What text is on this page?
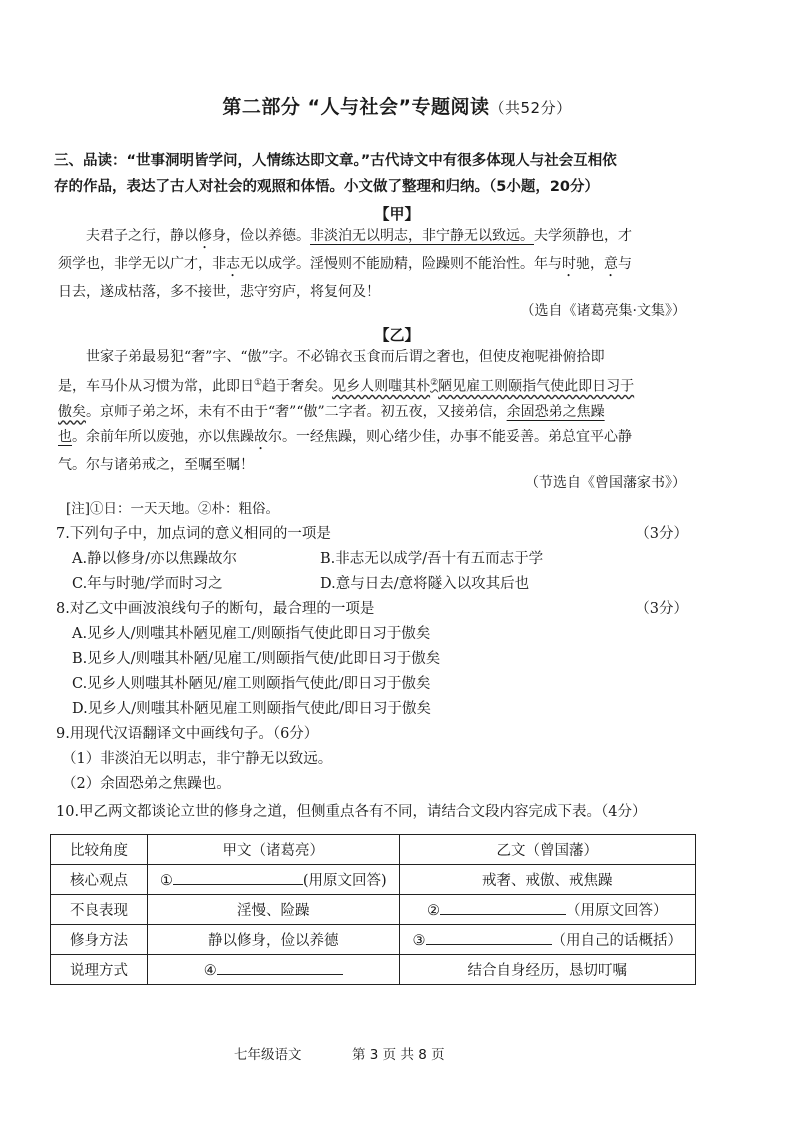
第二部分 “人与社会”专题阅读（共52分）
三、品读：“世事洞明皆学问，人情练达即文章。”古代诗文中有很多体现人与社会互相依
存的作品，表达了古人对社会的观照和体悟。小文做了整理和归纳。（5小题，20分）
【甲】
夫君子之行，静以修身，俭以养德。非淡泊无以明志，非宁静无以致远。夫学须静也，才
须学也，非学无以广才，非志无以成学。淫慢则不能励精，险躁则不能治性。年与时驰，意与
日去，遂成枯落，多不接世，悲守穷庐，将复何及！
（选自《诸葛亮集·文集》）
【乙】
世家子弟最易犯“奢”字、“傲”字。不必锦衣玉食而后谓之奢也，但使皮袍呢褂俯拾即
是，车马仆从习惯为常，此即日①趋于奢矣。见乡人则嗤其朴②陋见雇工则颐指气使此即日习于
傲矣。京师子弟之坏，未有不由于“奢”“傲”二字者。初五夜，又接弟信，余固恐弟之焦躁
也。余前年所以废弛，亦以焦躁故尔。一经焦躁，则心绪少佳，办事不能妥善。弟总宜平心静
气。尔与诸弟戒之，至嘱至嘱！
（节选自《曾国藩家书》）
[注]①日：一天天地。②朴：粗俗。
7.下列句子中，加点词的意义相同的一项是	（3分）
A.静以修身/亦以焦躁故尔	B.非志无以成学/吾十有五而志于学
C.年与时驰/学而时习之	D.意与日去/意将隧入以攻其后也
8.对乙文中画波浪线句子的断句，最合理的一项是	（3分）
A.见乡人/则嗤其朴陋见雇工/则颐指气使此即日习于傲矣
B.见乡人/则嗤其朴陋/见雇工/则颐指气使/此即日习于傲矣
C.见乡人则嗤其朴陋见/雇工则颐指气使此/即日习于傲矣
D.见乡人/则嗤其朴陋见雇工则颐指气使此/即日习于傲矣
9.用现代汉语翻译文中画线句子。（6分）
（1）非淡泊无以明志，非宁静无以致远。
（2）余固恐弟之焦躁也。
10.甲乙两文都谈论立世的修身之道，但侧重点各有不同，请结合文段内容完成下表。（4分）
比较角度	甲文（诸葛亮）	乙文（曾国藩）
核心观点	① (用原文回答)	戒奢、戒傲、戒焦躁
不良表现	淫慢、险躁	② （用原文回答）
修身方法	静以修身，俭以养德	③ （用自己的话概括）
说理方式	④	结合自身经历，恳切叮嘱
七年级语文	第 3 页 共 8 页
